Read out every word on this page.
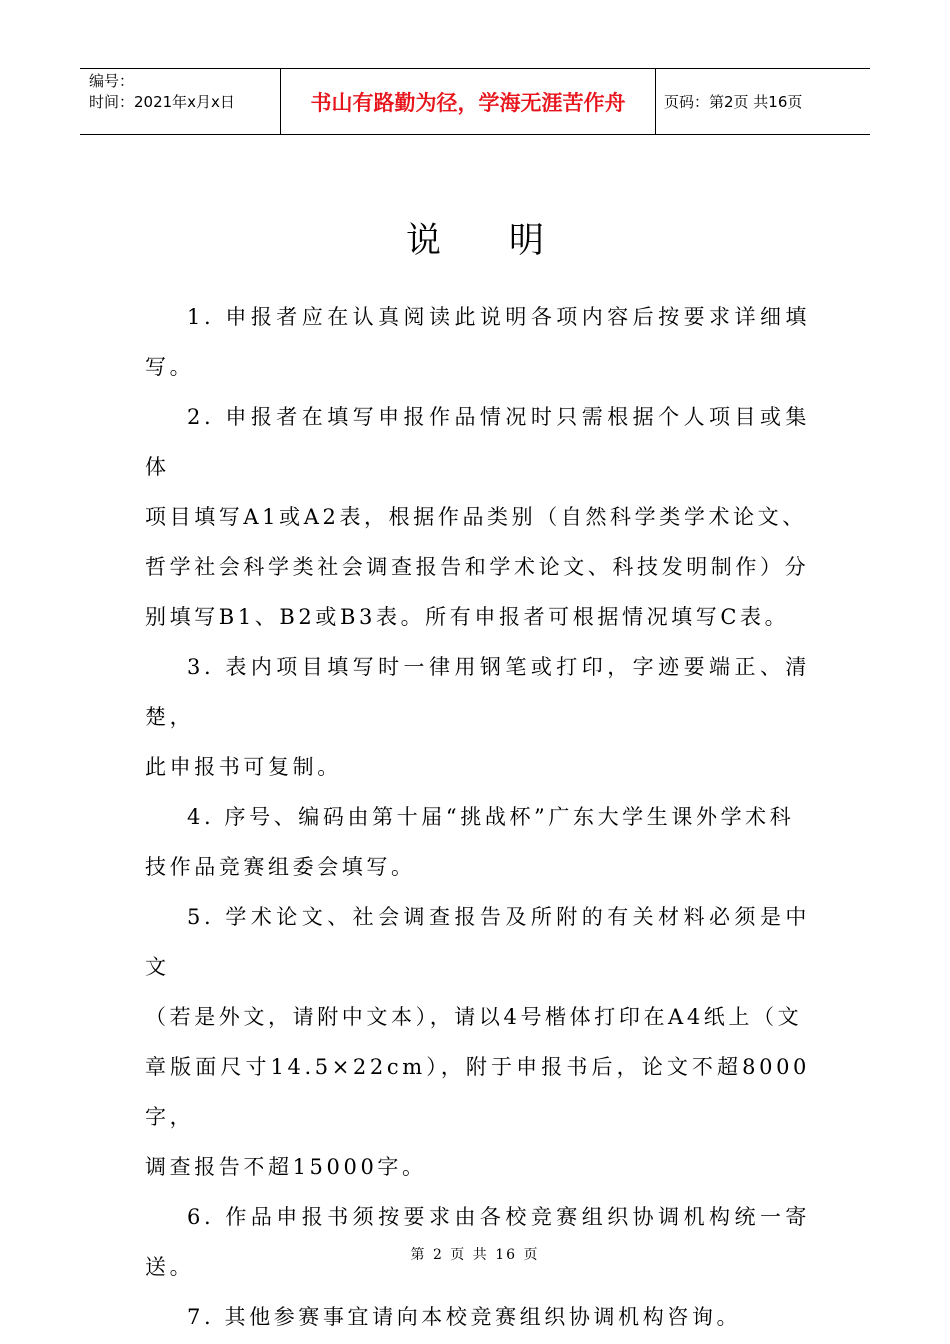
编号：
时间：2021年x月x日	书山有路勤为径，学海无涯苦作舟	页码：第2页 共16页
说 明

1. 申报者应在认真阅读此说明各项内容后按要求详细填写。

2. 申报者在填写申报作品情况时只需根据个人项目或集体
项目填写A1或A2表，根据作品类别（自然科学类学术论文、
哲学社会科学类社会调查报告和学术论文、科技发明制作）分
别填写B1、B2或B3表。所有申报者可根据情况填写C表。

3. 表内项目填写时一律用钢笔或打印，字迹要端正、清楚，
此申报书可复制。

4. 序号、编码由第十届“挑战杯”广东大学生课外学术科
技作品竞赛组委会填写。

5. 学术论文、社会调查报告及所附的有关材料必须是中文
（若是外文，请附中文本），请以4号楷体打印在A4纸上（文
章版面尺寸14.5×22cm），附于申报书后，论文不超8000字，
调查报告不超15000字。

6. 作品申报书须按要求由各校竞赛组织协调机构统一寄送。

7. 其他参赛事宜请向本校竞赛组织协调机构咨询。

第 2 页 共 16 页
